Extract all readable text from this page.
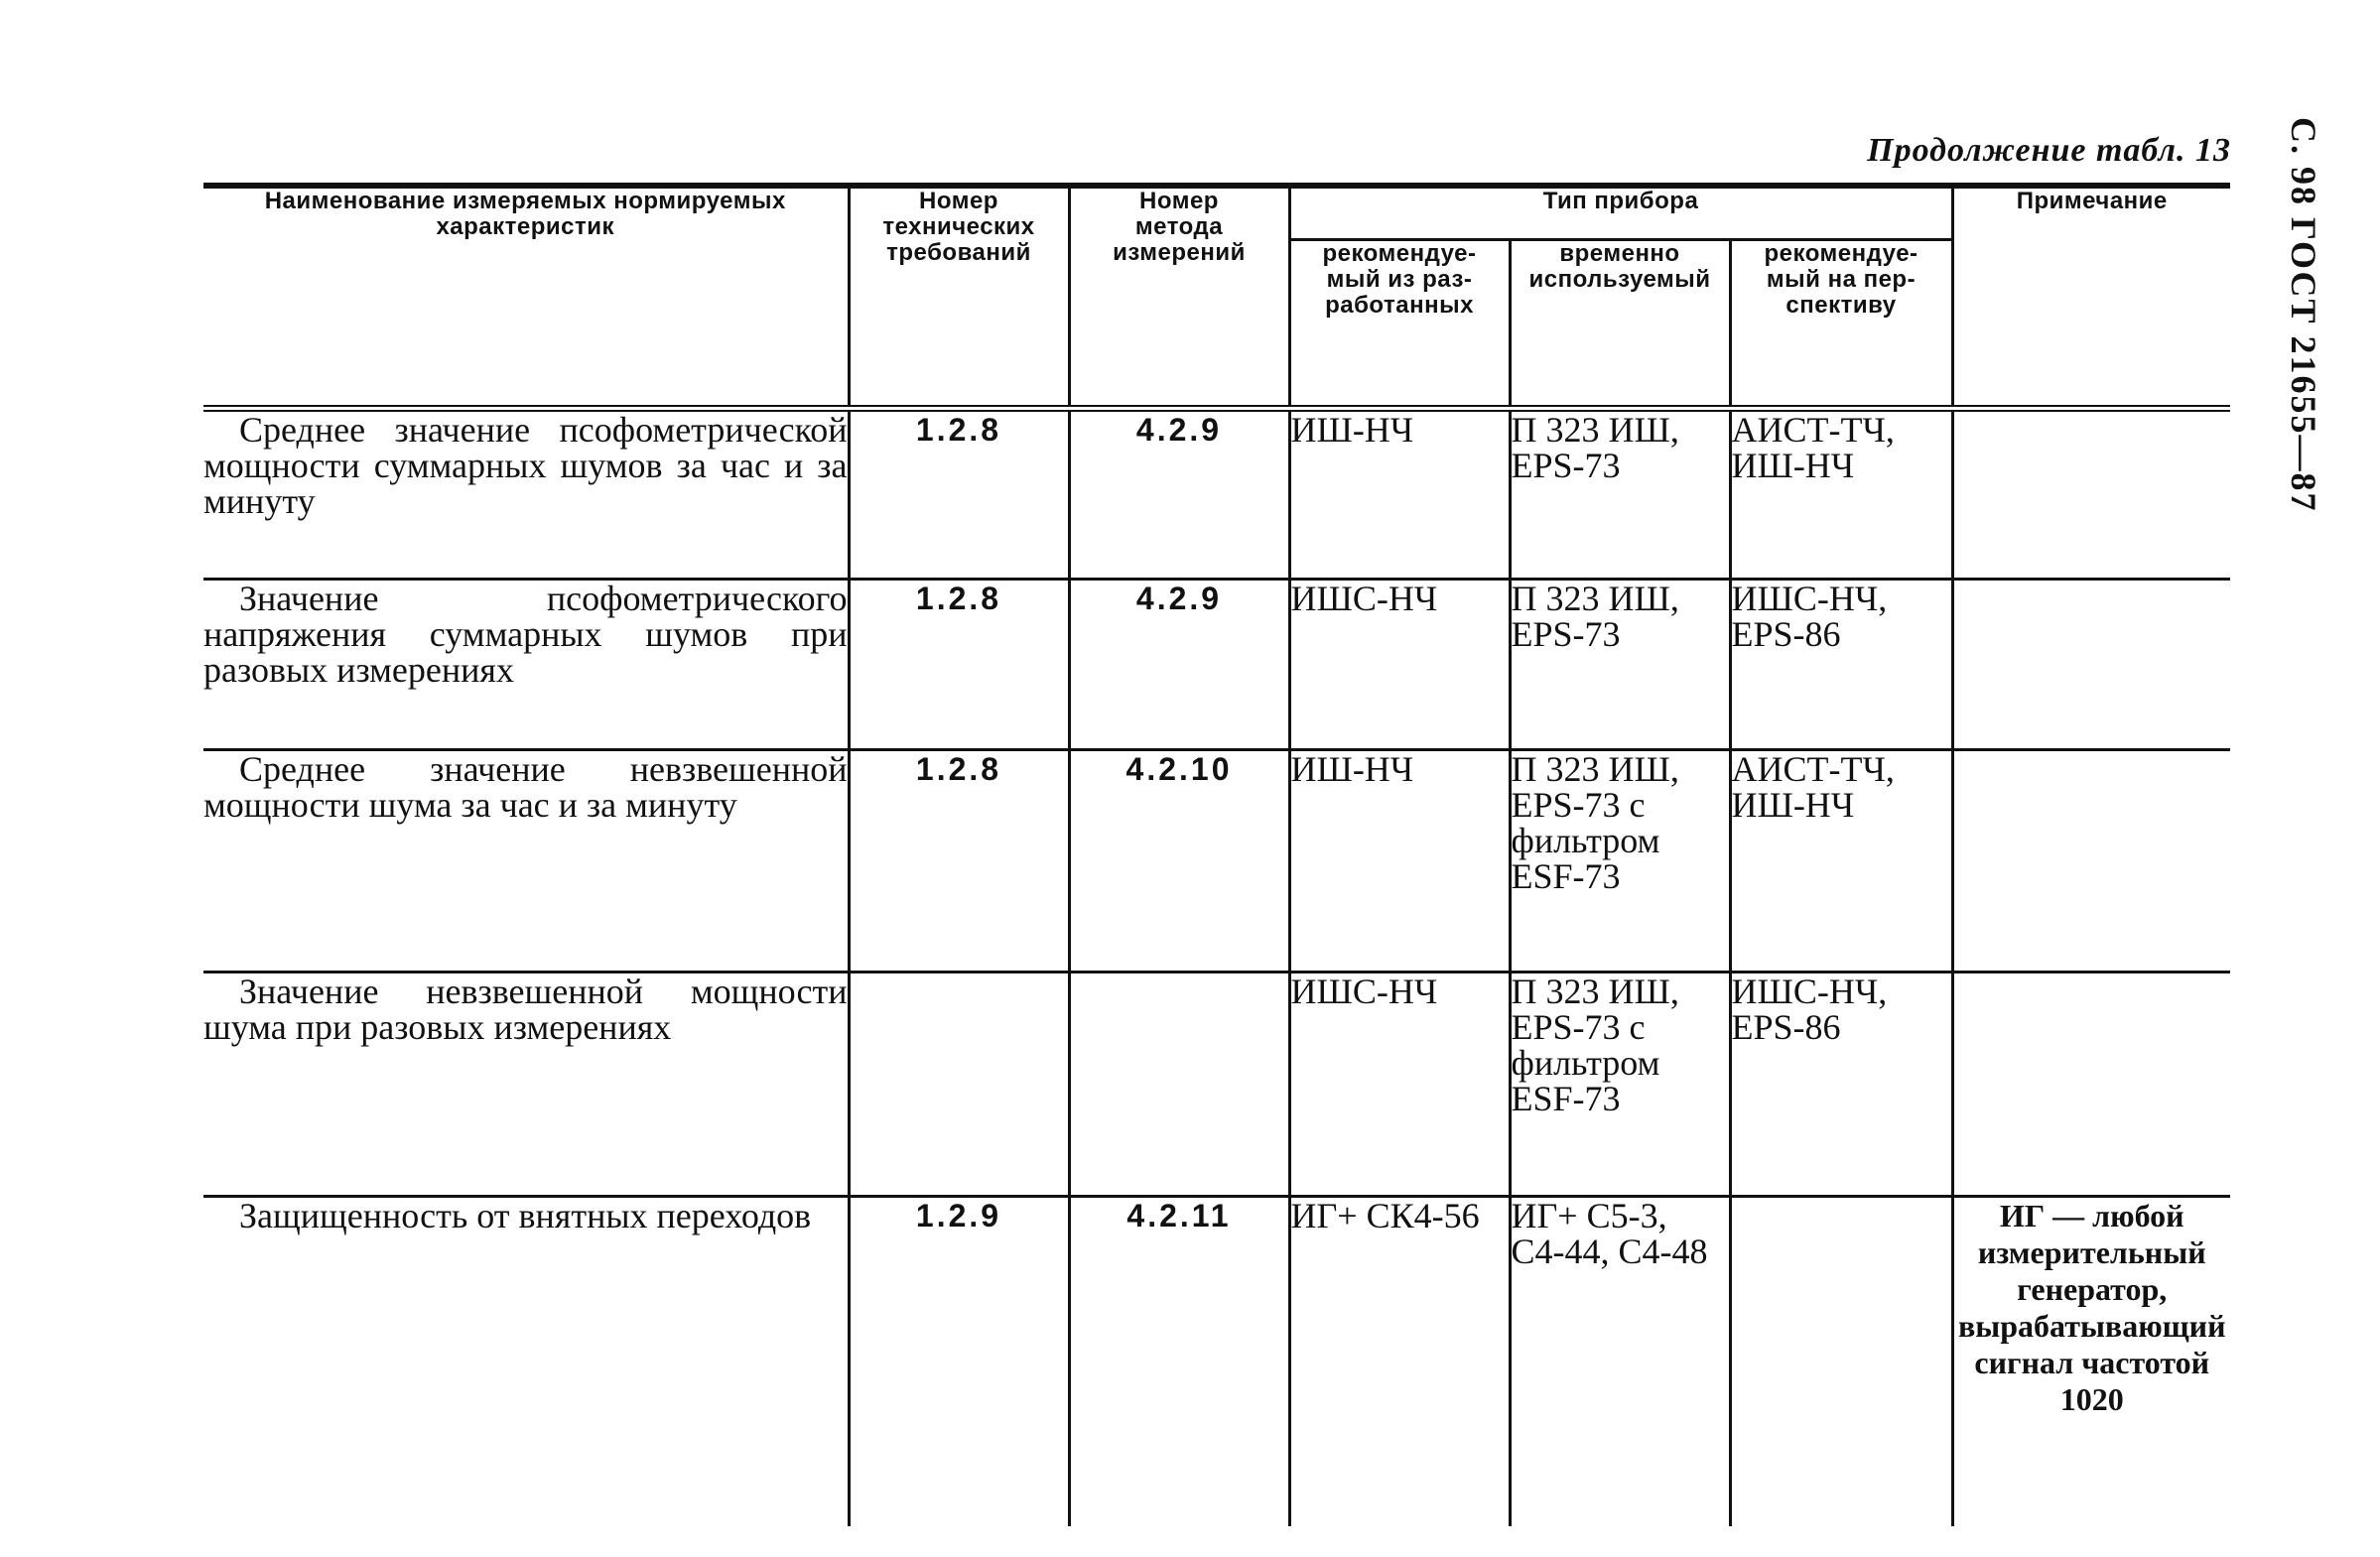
Продолжение табл. 13 С. 98 ГОСТ 21655—87
Наименование измеряемых нормируемых характеристик	Номер технических требований	Номер метода измерений	Тип прибора			Примечание
			рекомендуе-мый из раз-работанных	временно используемый	рекомендуе-мый на пер-спективу	
Среднее значение псофометрической мощности суммарных шумов за час и за минуту	1.2.8	4.2.9	ИШ-НЧ	П 323 ИШ, EPS-73	АИСТ-ТЧ, ИШ-НЧ	
Значение псофометрического напряжения суммарных шумов при разовых измерениях	1.2.8	4.2.9	ИШС-НЧ	П 323 ИШ, EPS-73	ИШС-НЧ, EPS-86	
Среднее значение невзвешенной мощности шума за час и за минуту	1.2.8	4.2.10	ИШ-НЧ	П 323 ИШ, EPS-73 с фильтром ESF-73	АИСТ-ТЧ, ИШ-НЧ	
Значение невзвешенной мощности шума при разовых измерениях			ИШС-НЧ	П 323 ИШ, EPS-73 с фильтром ESF-73	ИШС-НЧ, EPS-86	
Защищенность от внятных переходов	1.2.9	4.2.11	ИГ+ СК4-56	ИГ+ С5-3, С4-44, С4-48		ИГ — любой измерительный генератор, вырабатывающий сигнал частотой 1020
